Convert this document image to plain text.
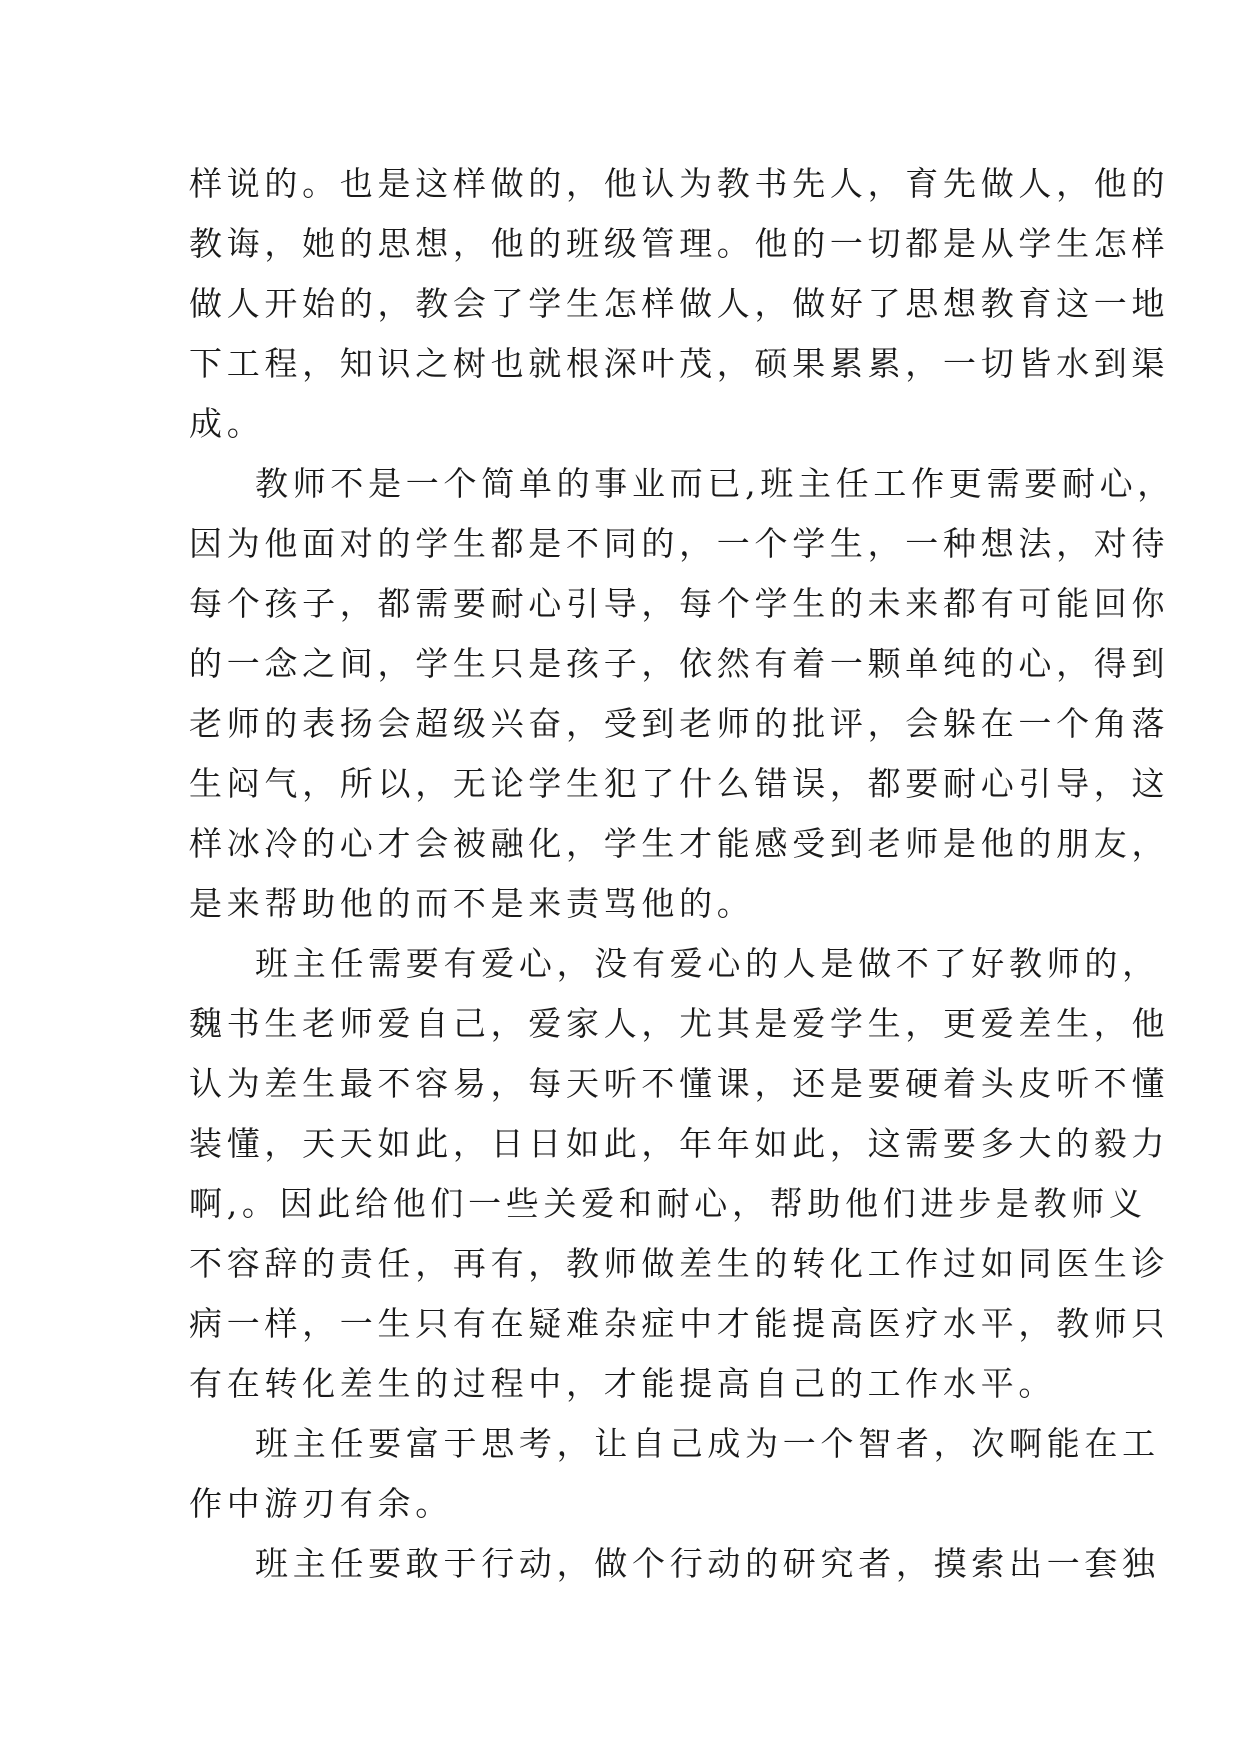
样说的。也是这样做的，他认为教书先人，育先做人，他的
教诲，她的思想，他的班级管理。他的一切都是从学生怎样
做人开始的，教会了学生怎样做人，做好了思想教育这一地
下工程，知识之树也就根深叶茂，硕果累累，一切皆水到渠
成。
教师不是一个简单的事业而已,班主任工作更需要耐心，
因为他面对的学生都是不同的，一个学生，一种想法，对待
每个孩子，都需要耐心引导，每个学生的未来都有可能回你
的一念之间，学生只是孩子，依然有着一颗单纯的心，得到
老师的表扬会超级兴奋，受到老师的批评，会躲在一个角落
生闷气，所以，无论学生犯了什么错误，都要耐心引导，这
样冰冷的心才会被融化，学生才能感受到老师是他的朋友，
是来帮助他的而不是来责骂他的。
班主任需要有爱心，没有爱心的人是做不了好教师的，
魏书生老师爱自己，爱家人，尤其是爱学生，更爱差生，他
认为差生最不容易，每天听不懂课，还是要硬着头皮听不懂
装懂，天天如此，日日如此，年年如此，这需要多大的毅力
啊,。因此给他们一些关爱和耐心，帮助他们进步是教师义
不容辞的责任，再有，教师做差生的转化工作过如同医生诊
病一样，一生只有在疑难杂症中才能提高医疗水平，教师只
有在转化差生的过程中，才能提高自己的工作水平。
班主任要富于思考，让自己成为一个智者，次啊能在工
作中游刃有余。
班主任要敢于行动，做个行动的研究者，摸索出一套独
